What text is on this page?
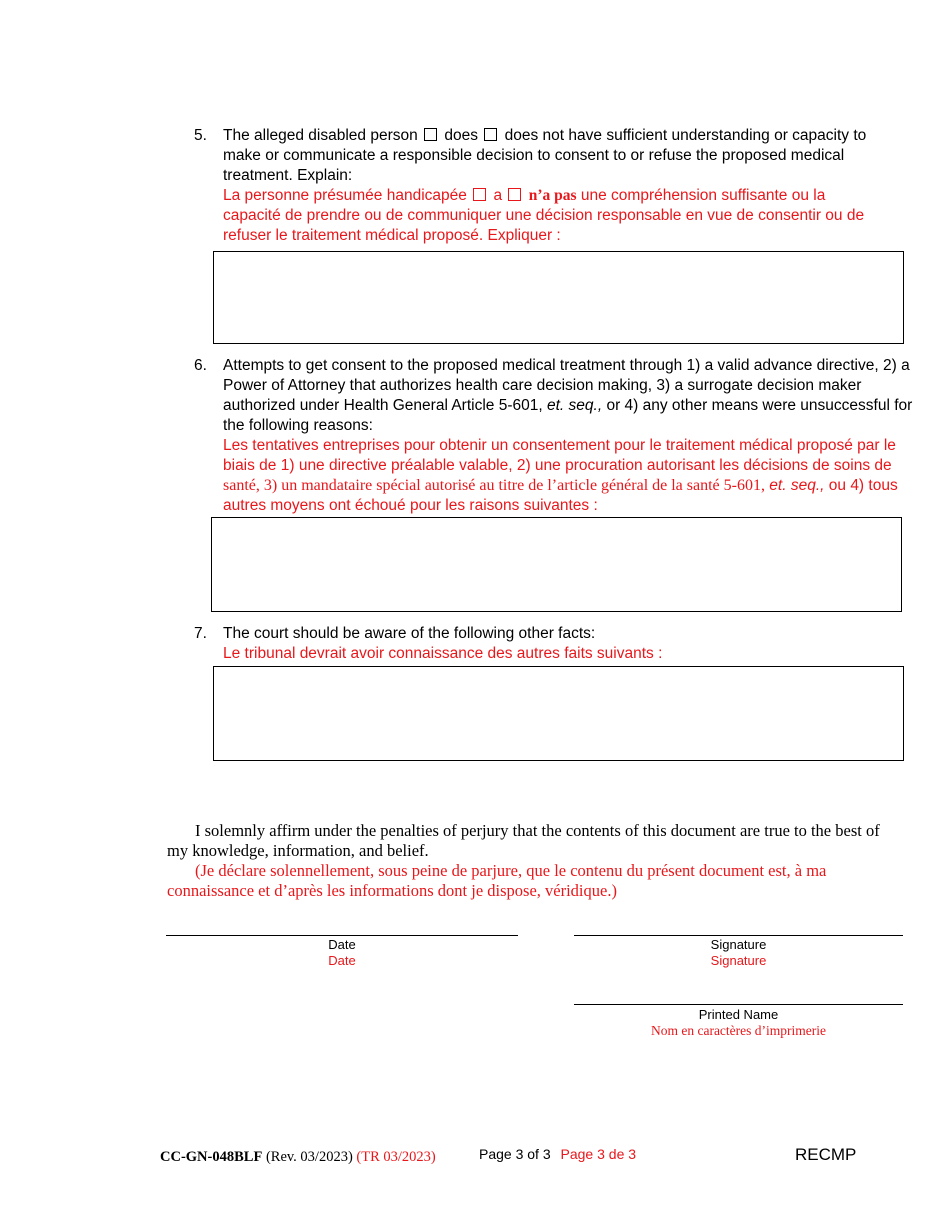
5. The alleged disabled person does does not have sufficient understanding or capacity to make or communicate a responsible decision to consent to or refuse the proposed medical treatment. Explain:

La personne présumée handicapée a n’a pas une compréhension suffisante ou la capacité de prendre ou de communiquer une décision responsable en vue de consentir ou de refuser le traitement médical proposé. Expliquer :

6. Attempts to get consent to the proposed medical treatment through 1) a valid advance directive, 2) a Power of Attorney that authorizes health care decision making, 3) a surrogate decision maker authorized under Health General Article 5-601, et. seq., or 4) any other means were unsuccessful for the following reasons:

Les tentatives entreprises pour obtenir un consentement pour le traitement médical proposé par le biais de 1) une directive préalable valable, 2) une procuration autorisant les décisions de soins de santé, 3) un mandataire spécial autorisé au titre de l’article général de la santé 5-601, et. seq., ou 4) tous autres moyens ont échoué pour les raisons suivantes :

7. The court should be aware of the following other facts:

Le tribunal devrait avoir connaissance des autres faits suivants :

I solemnly affirm under the penalties of perjury that the contents of this document are true to the best of my knowledge, information, and belief.

(Je déclare solennellement, sous peine de parjure, que le contenu du présent document est, à ma connaissance et d’après les informations dont je dispose, véridique.)

Date
Date
Signature
Signature
Printed Name
Nom en caractères d’imprimerie
CC-GN-048BLF (Rev. 03/2023) (TR 03/2023)	Page 3 of 3 Page 3 de 3	RECMP
